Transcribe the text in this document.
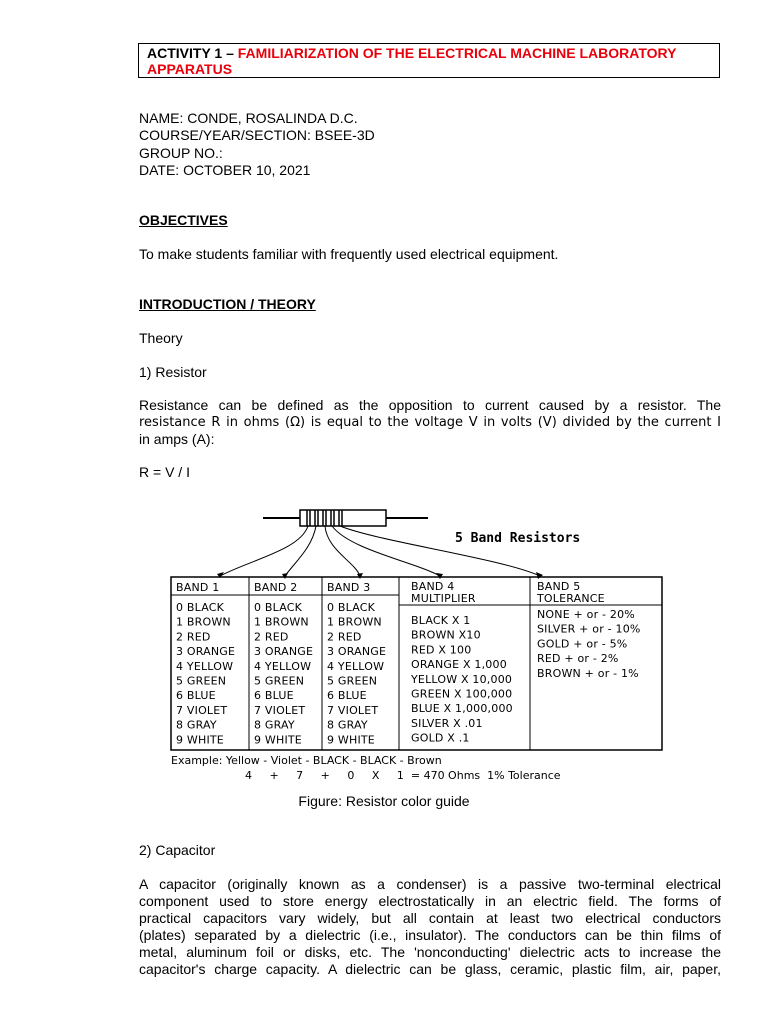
ACTIVITY 1 – FAMILIARIZATION OF THE ELECTRICAL MACHINE LABORATORY APPARATUS
NAME: CONDE, ROSALINDA D.C.
COURSE/YEAR/SECTION: BSEE-3D
GROUP NO.:
DATE: OCTOBER 10, 2021
OBJECTIVES
To make students familiar with frequently used electrical equipment.
INTRODUCTION / THEORY
Theory
1) Resistor
Resistance can be defined as the opposition to current caused by a resistor. The
resistance R in ohms (Ω) is equal to the voltage V in volts (V) divided by the current I
in amps (A):
R = V / I
5 Band Resistors
BAND 1
0 BLACK
1 BROWN
2 RED
3 ORANGE
4 YELLOW
5 GREEN
6 BLUE
7 VIOLET
8 GRAY
9 WHITE
BAND 2
0 BLACK
1 BROWN
2 RED
3 ORANGE
4 YELLOW
5 GREEN
6 BLUE
7 VIOLET
8 GRAY
9 WHITE
BAND 3
0 BLACK
1 BROWN
2 RED
3 ORANGE
4 YELLOW
5 GREEN
6 BLUE
7 VIOLET
8 GRAY
9 WHITE
BAND 4
MULTIPLIER
BLACK X 1
BROWN X10
RED X 100
ORANGE X 1,000
YELLOW X 10,000
GREEN X 100,000
BLUE X 1,000,000
SILVER X .01
GOLD X .1
BAND 5
TOLERANCE
NONE + or - 20%
SILVER + or - 10%
GOLD + or - 5%
RED + or - 2%
BROWN + or - 1%
Example: Yellow - Violet - BLACK - BLACK - Brown
4     +     7     +     0     X     1  = 470 Ohms  1% Tolerance
Figure: Resistor color guide
2) Capacitor
A capacitor (originally known as a condenser) is a passive two-terminal electrical
component used to store energy electrostatically in an electric field. The forms of
practical capacitors vary widely, but all contain at least two electrical conductors
(plates) separated by a dielectric (i.e., insulator). The conductors can be thin films of
metal, aluminum foil or disks, etc. The 'nonconducting' dielectric acts to increase the
capacitor's charge capacity. A dielectric can be glass, ceramic, plastic film, air, paper,
